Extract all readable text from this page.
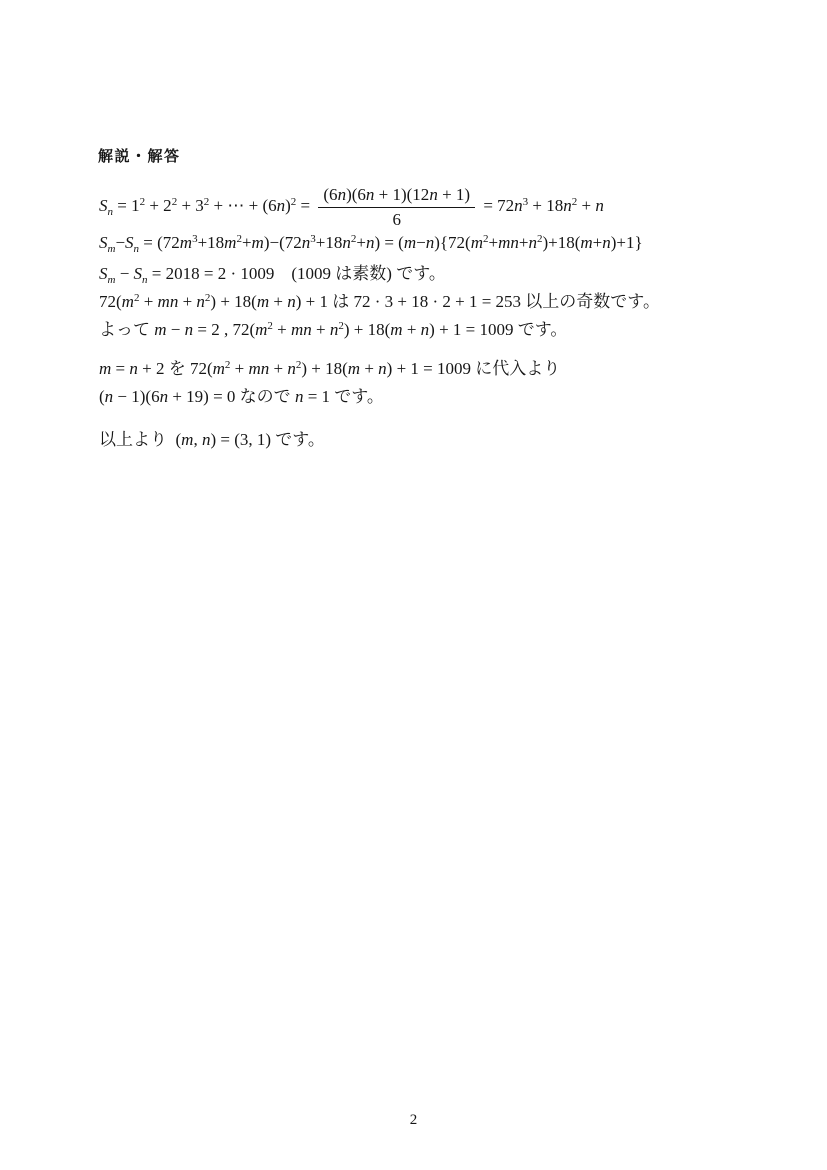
解説・解答
$S_n = 1^2 + 2^2 + 3^2$ + ⋯ + $(6n)^2 = \frac{(6n)(6n + 1)(12n + 1)}{6} = 72n^3 + 18n^2 + n$
$S_m-S_n = (72m^3+18m^2+m)-(72n^3+18n^2+n) = (m-n)\{72(m^2+mn+n^2)+18(m+n)+1\}$
$S_m - S_n = 2018 = 2 \cdot 1009$ (1009 は素数) です。
$72(m^2$ + mn + $n^2) + 18(m + n) + 1$ は 72 · 3 + 18 · 2 + 1 = 253 以上の奇数です。
よって m − n = 2 , $72(m^2$ + mn + $n^2) + 18(m + n) + 1 = 1009$ です。
m = n + 2 を $72(m^2$ + mn + $n^2) + 18(m + n) + 1 = 1009$ に代入より
(n − 1)(6n + 19) = 0 なので n = 1 です。
以上より (m, n) = (3, 1) です。
2
